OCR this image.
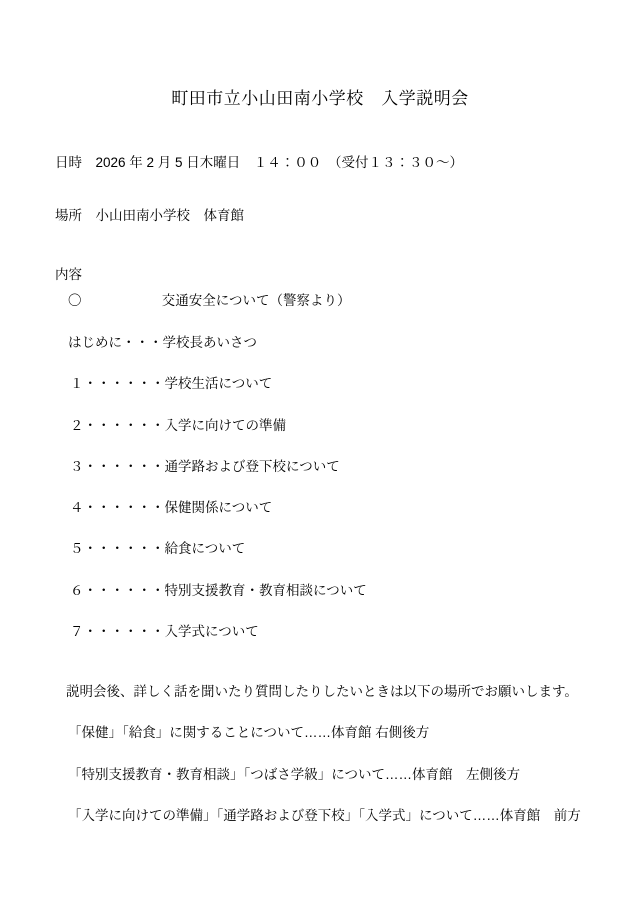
町田市立小山田南小学校　入学説明会
日時　2026 年 2 月 5 日木曜日　１４：００　（受付１３：３０～）
場所　小山田南小学校　体育館
内容
〇	交通安全について（警察より）
はじめに・・・学校長あいさつ
１・・・・・・学校生活について
２・・・・・・入学に向けての準備
３・・・・・・通学路および登下校について
４・・・・・・保健関係について
５・・・・・・給食について
６・・・・・・特別支援教育・教育相談について
７・・・・・・入学式について

説明会後、詳しく話を聞いたり質問したりしたいときは以下の場所でお願いします。

「保健」「給食」に関することについて……体育館 右側後方

「特別支援教育・教育相談」「つばさ学級」について……体育館　左側後方

「入学に向けての準備」「通学路および登下校」「入学式」について……体育館　前方
